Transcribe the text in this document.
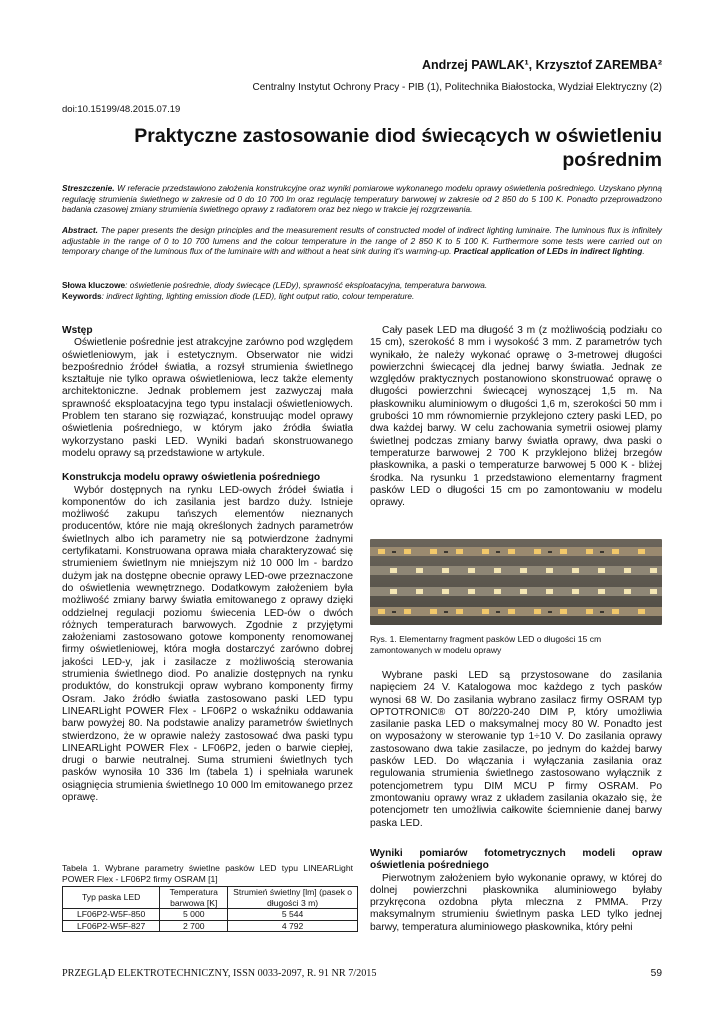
Andrzej PAWLAK¹, Krzysztof ZAREMBA²
Centralny Instytut Ochrony Pracy - PIB (1), Politechnika Białostocka, Wydział Elektryczny (2)
doi:10.15199/48.2015.07.19
Praktyczne zastosowanie diod świecących w oświetleniu pośrednim
Streszczenie. W referacie przedstawiono założenia konstrukcyjne oraz wyniki pomiarowe wykonanego modelu oprawy oświetlenia pośredniego. Uzyskano płynną regulację strumienia świetlnego w zakresie od 0 do 10 700 lm oraz regulację temperatury barwowej w zakresie od 2 850 do 5 100 K. Ponadto przeprowadzono badania czasowej zmiany strumienia świetlnego oprawy z radiatorem oraz bez niego w trakcie jej rozgrzewania.
Abstract. The paper presents the design principles and the measurement results of constructed model of indirect lighting luminaire. The luminous flux is infinitely adjustable in the range of 0 to 10 700 lumens and the colour temperature in the range of 2 850 K to 5 100 K. Furthermore some tests were carried out on temporary change of the luminous flux of the luminaire with and without a heat sink during it's warming-up. Practical application of LEDs in indirect lighting.
Słowa kluczowe: oświetlenie pośrednie, diody świecące (LEDy), sprawność eksploatacyjna, temperatura barwowa.
Keywords: indirect lighting, lighting emission diode (LED), light output ratio, colour temperature.
Wstęp

Oświetlenie pośrednie jest atrakcyjne zarówno pod względem oświetleniowym, jak i estetycznym. Obserwator nie widzi bezpośrednio źródeł światła, a rozsył strumienia świetlnego kształtuje nie tylko oprawa oświetleniowa, lecz także elementy architektoniczne. Jednak problemem jest zazwyczaj mała sprawność eksploatacyjna tego typu instalacji oświetleniowych. Problem ten starano się rozwiązać, konstruując model oprawy oświetlenia pośredniego, w którym jako źródła światła wykorzystano paski LED. Wyniki badań skonstruowanego modelu oprawy są przedstawione w artykule.

Konstrukcja modelu oprawy oświetlenia pośredniego

Wybór dostępnych na rynku LED-owych źródeł światła i komponentów do ich zasilania jest bardzo duży. Istnieje możliwość zakupu tańszych elementów nieznanych producentów, które nie mają określonych żadnych parametrów świetlnych albo ich parametry nie są potwierdzone żadnymi certyfikatami. Konstruowana oprawa miała charakteryzować się strumieniem świetlnym nie mniejszym niż 10 000 lm - bardzo dużym jak na dostępne obecnie oprawy LED-owe przeznaczone do oświetlenia wewnętrznego. Dodatkowym założeniem była możliwość zmiany barwy światła emitowanego z oprawy dzięki oddzielnej regulacji poziomu świecenia LED-ów o dwóch różnych temperaturach barwowych. Zgodnie z przyjętymi założeniami zastosowano gotowe komponenty renomowanej firmy oświetleniowej, która mogła dostarczyć zarówno dobrej jakości LED-y, jak i zasilacze z możliwością sterowania strumienia świetlnego diod. Po analizie dostępnych na rynku produktów, do konstrukcji opraw wybrano komponenty firmy Osram. Jako źródło światła zastosowano paski LED typu LINEARLight POWER Flex - LF06P2 o wskaźniku oddawania barw powyżej 80. Na podstawie analizy parametrów świetlnych stwierdzono, że w oprawie należy zastosować dwa paski typu LINEARLight POWER Flex - LF06P2, jeden o barwie ciepłej, drugi o barwie neutralnej. Suma strumieni świetlnych tych pasków wynosiła 10 336 lm (tabela 1) i spełniała warunek osiągnięcia strumienia świetlnego 10 000 lm emitowanego przez oprawę.

Tabela 1. Wybrane parametry świetlne pasków LED typu LINEARLight POWER Flex - LF06P2 firmy OSRAM [1]
Typ paska LED	Temperatura barwowa [K]	Strumień świetlny [lm] (pasek o długości 3 m)
LF06P2-W5F-850	5 000	5 544
LF06P2-W5F-827	2 700	4 792

Cały pasek LED ma długość 3 m (z możliwością podziału co 15 cm), szerokość 8 mm i wysokość 3 mm. Z parametrów tych wynikało, że należy wykonać oprawę o 3-metrowej długości powierzchni świecącej dla jednej barwy światła. Jednak ze względów praktycznych postanowiono skonstruować oprawę o długości powierzchni świecącej wynoszącej 1,5 m. Na płaskowniku aluminiowym o długości 1,6 m, szerokości 50 mm i grubości 10 mm równomiernie przyklejono cztery paski LED, po dwa każdej barwy. W celu zachowania symetrii osiowej plamy świetlnej podczas zmiany barwy światła oprawy, dwa paski o temperaturze barwowej 2 700 K przyklejono bliżej brzegów płaskownika, a paski o temperaturze barwowej 5 000 K - bliżej środka. Na rysunku 1 przedstawiono elementarny fragment pasków LED o długości 15 cm po zamontowaniu w modelu oprawy.

Rys. 1. Elementarny fragment pasków LED o długości 15 cm zamontowanych w modelu oprawy

Wybrane paski LED są przystosowane do zasilania napięciem 24 V. Katalogowa moc każdego z tych pasków wynosi 68 W. Do zasilania wybrano zasilacz firmy OSRAM typ OPTOTRONIC® OT 80/220-240 DIM P, który umożliwia zasilanie paska LED o maksymalnej mocy 80 W. Ponadto jest on wyposażony w sterowanie typ 1÷10 V. Do zasilania oprawy zastosowano dwa takie zasilacze, po jednym do każdej barwy pasków LED. Do włączania i wyłączania zasilania oraz regulowania strumienia świetlnego zastosowano wyłącznik z potencjometrem typu DIM MCU P firmy OSRAM. Po zmontowaniu oprawy wraz z układem zasilania okazało się, że potencjometr ten umożliwia całkowite ściemnienie danej barwy paska LED.

Wyniki pomiarów fotometrycznych modeli opraw oświetlenia pośredniego

Pierwotnym założeniem było wykonanie oprawy, w której do dolnej powierzchni płaskownika aluminiowego byłaby przykręcona ozdobna płyta mleczna z PMMA. Przy maksymalnym strumieniu świetlnym paska LED tylko jednej barwy, temperatura aluminiowego płaskownika, który pełni

PRZEGLĄD ELEKTROTECHNICZNY, ISSN 0033-2097, R. 91 NR 7/2015	59
